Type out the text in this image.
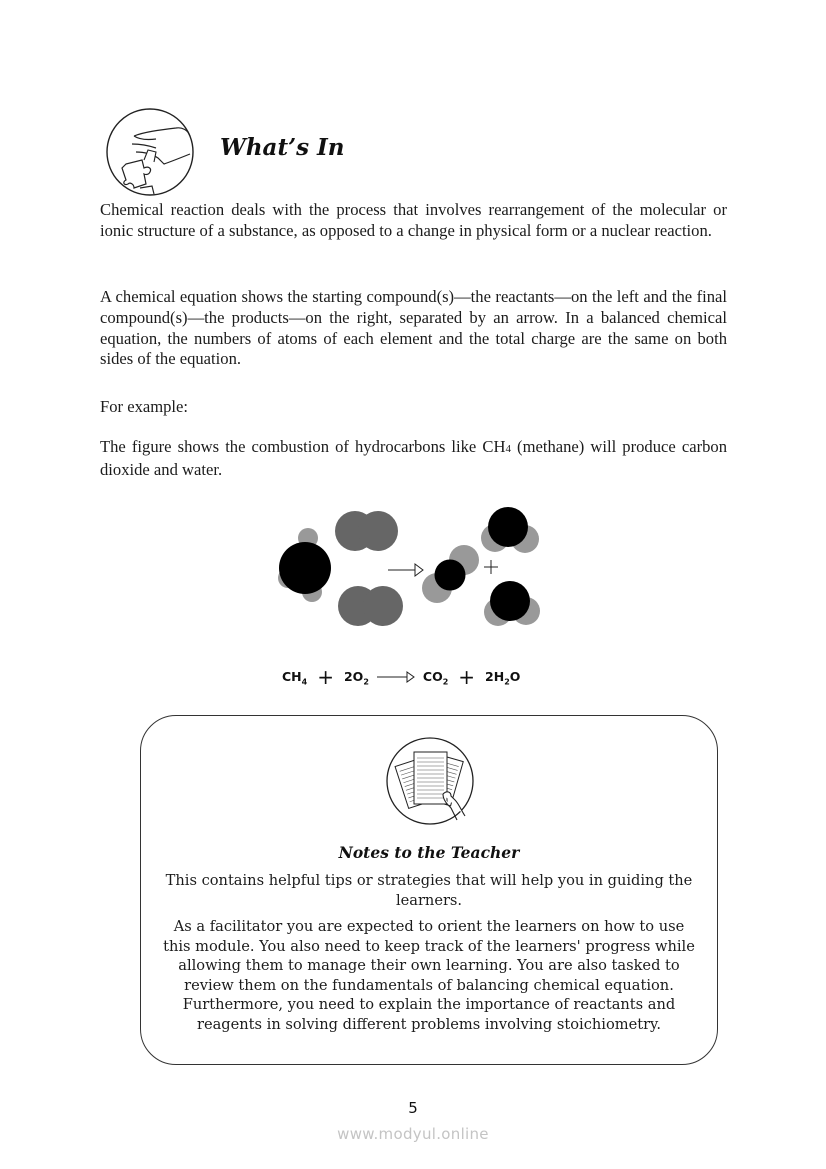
What’s In
Chemical reaction deals with the process that involves rearrangement of the molecular or ionic structure of a substance, as opposed to a change in physical form or a nuclear reaction.
A chemical equation shows the starting compound(s)—the reactants—on the left and the final compound(s)—the products—on the right, separated by an arrow. In a balanced chemical equation, the numbers of atoms of each element and the total charge are the same on both sides of the equation.
For example:
The figure shows the combustion of hydrocarbons like CH4 (methane) will produce carbon dioxide and water.
$CH_4 + 2O_2$	$CO_2 + 2H_2O$
Notes to the Teacher
This contains helpful tips or strategies that will help you in guiding the learners.
As a facilitator you are expected to orient the learners on how to use this module. You also need to keep track of the learners' progress while allowing them to manage their own learning. You are also tasked to review them on the fundamentals of balancing chemical equation. Furthermore, you need to explain the importance of reactants and reagents in solving different problems involving stoichiometry.
5
www.modyul.online
